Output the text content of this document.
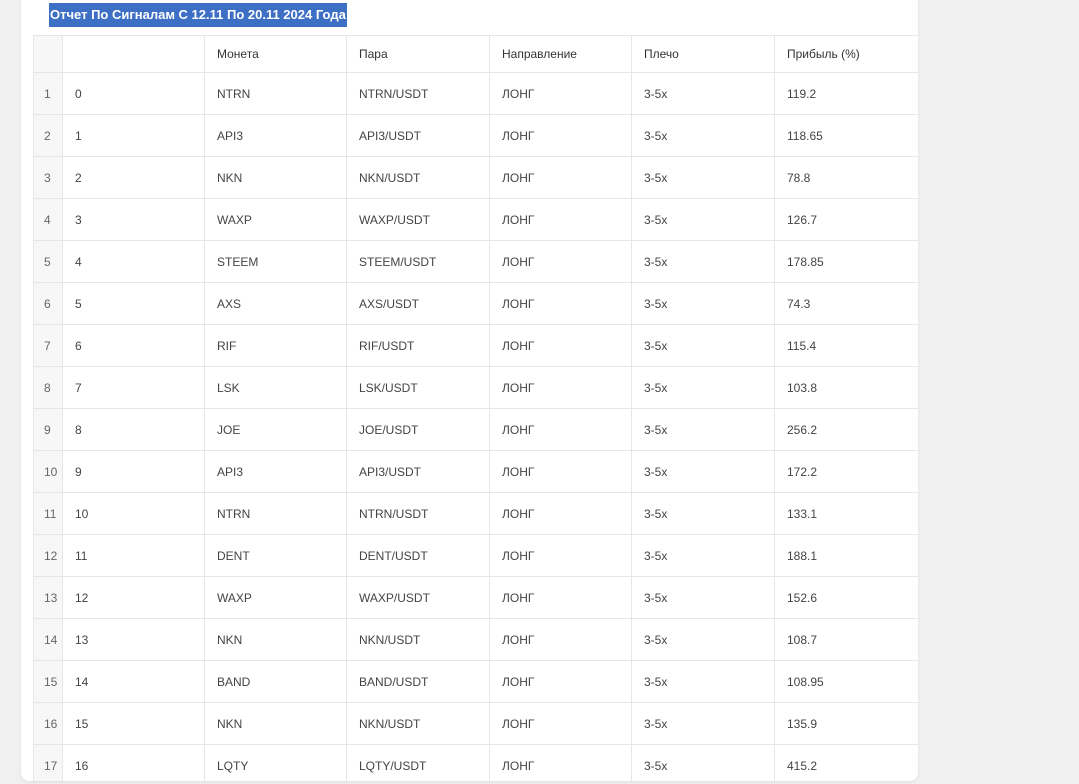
Отчет По Сигналам С 12.11 По 20.11 2024 Года
		Монета	Пара	Направление	Плечо	Прибыль (%)
1	0	NTRN	NTRN/USDT	ЛОНГ	3-5x	119.2
2	1	API3	API3/USDT	ЛОНГ	3-5x	118.65
3	2	NKN	NKN/USDT	ЛОНГ	3-5x	78.8
4	3	WAXP	WAXP/USDT	ЛОНГ	3-5x	126.7
5	4	STEEM	STEEM/USDT	ЛОНГ	3-5x	178.85
6	5	AXS	AXS/USDT	ЛОНГ	3-5x	74.3
7	6	RIF	RIF/USDT	ЛОНГ	3-5x	115.4
8	7	LSK	LSK/USDT	ЛОНГ	3-5x	103.8
9	8	JOE	JOE/USDT	ЛОНГ	3-5x	256.2
10	9	API3	API3/USDT	ЛОНГ	3-5x	172.2
11	10	NTRN	NTRN/USDT	ЛОНГ	3-5x	133.1
12	11	DENT	DENT/USDT	ЛОНГ	3-5x	188.1
13	12	WAXP	WAXP/USDT	ЛОНГ	3-5x	152.6
14	13	NKN	NKN/USDT	ЛОНГ	3-5x	108.7
15	14	BAND	BAND/USDT	ЛОНГ	3-5x	108.95
16	15	NKN	NKN/USDT	ЛОНГ	3-5x	135.9
17	16	LQTY	LQTY/USDT	ЛОНГ	3-5x	415.2
